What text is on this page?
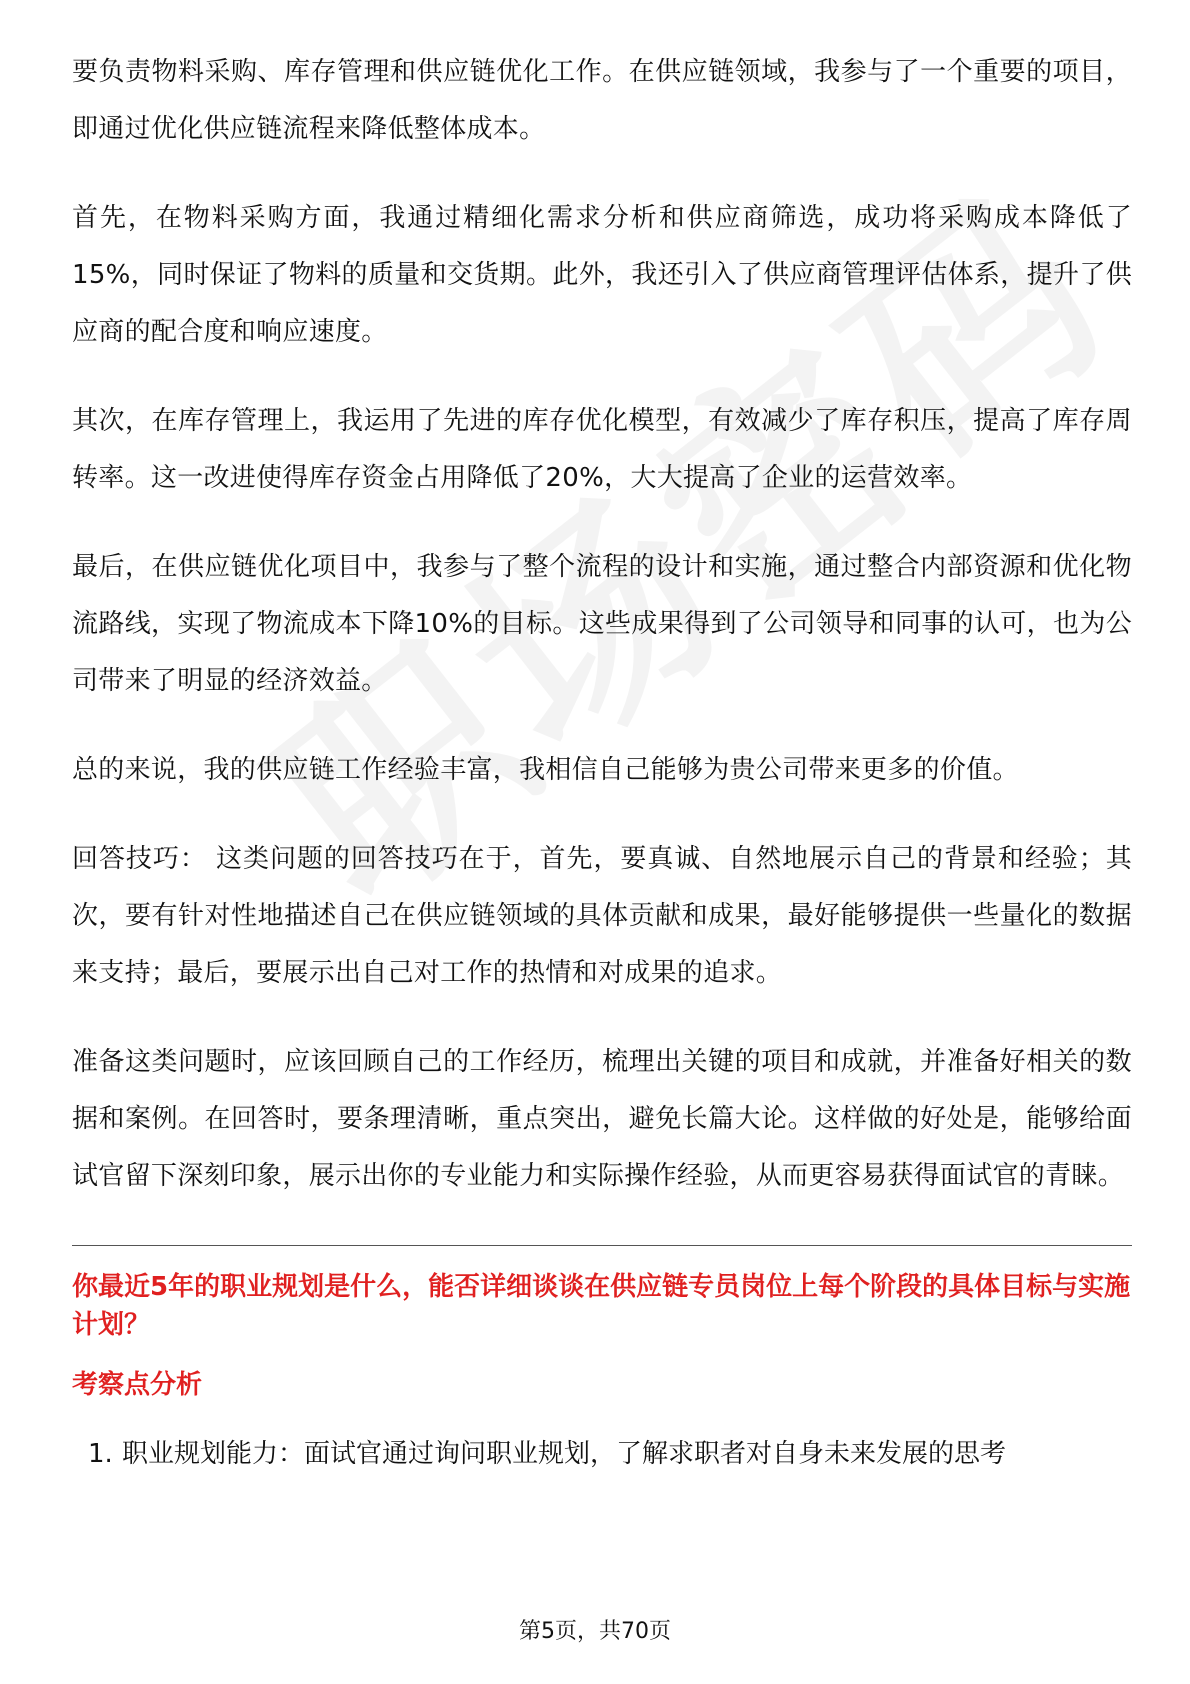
要负责物料采购、库存管理和供应链优化工作。在供应链领域，我参与了一个重要的项目，即通过优化供应链流程来降低整体成本。

首先，在物料采购方面，我通过精细化需求分析和供应商筛选，成功将采购成本降低了15%，同时保证了物料的质量和交货期。此外，我还引入了供应商管理评估体系，提升了供应商的配合度和响应速度。

其次，在库存管理上，我运用了先进的库存优化模型，有效减少了库存积压，提高了库存周转率。这一改进使得库存资金占用降低了20%，大大提高了企业的运营效率。

最后，在供应链优化项目中，我参与了整个流程的设计和实施，通过整合内部资源和优化物流路线，实现了物流成本下降10%的目标。这些成果得到了公司领导和同事的认可，也为公司带来了明显的经济效益。

总的来说，我的供应链工作经验丰富，我相信自己能够为贵公司带来更多的价值。

回答技巧： 这类问题的回答技巧在于，首先，要真诚、自然地展示自己的背景和经验；其次，要有针对性地描述自己在供应链领域的具体贡献和成果，最好能够提供一些量化的数据来支持；最后，要展示出自己对工作的热情和对成果的追求。

准备这类问题时，应该回顾自己的工作经历，梳理出关键的项目和成就，并准备好相关的数据和案例。在回答时，要条理清晰，重点突出，避免长篇大论。这样做的好处是，能够给面试官留下深刻印象，展示出你的专业能力和实际操作经验，从而更容易获得面试官的青睐。

你最近5年的职业规划是什么，能否详细谈谈在供应链专员岗位上每个阶段的具体目标与实施计划？
考察点分析
1. 职业规划能力：面试官通过询问职业规划，了解求职者对自身未来发展的思考
第5页，共70页
